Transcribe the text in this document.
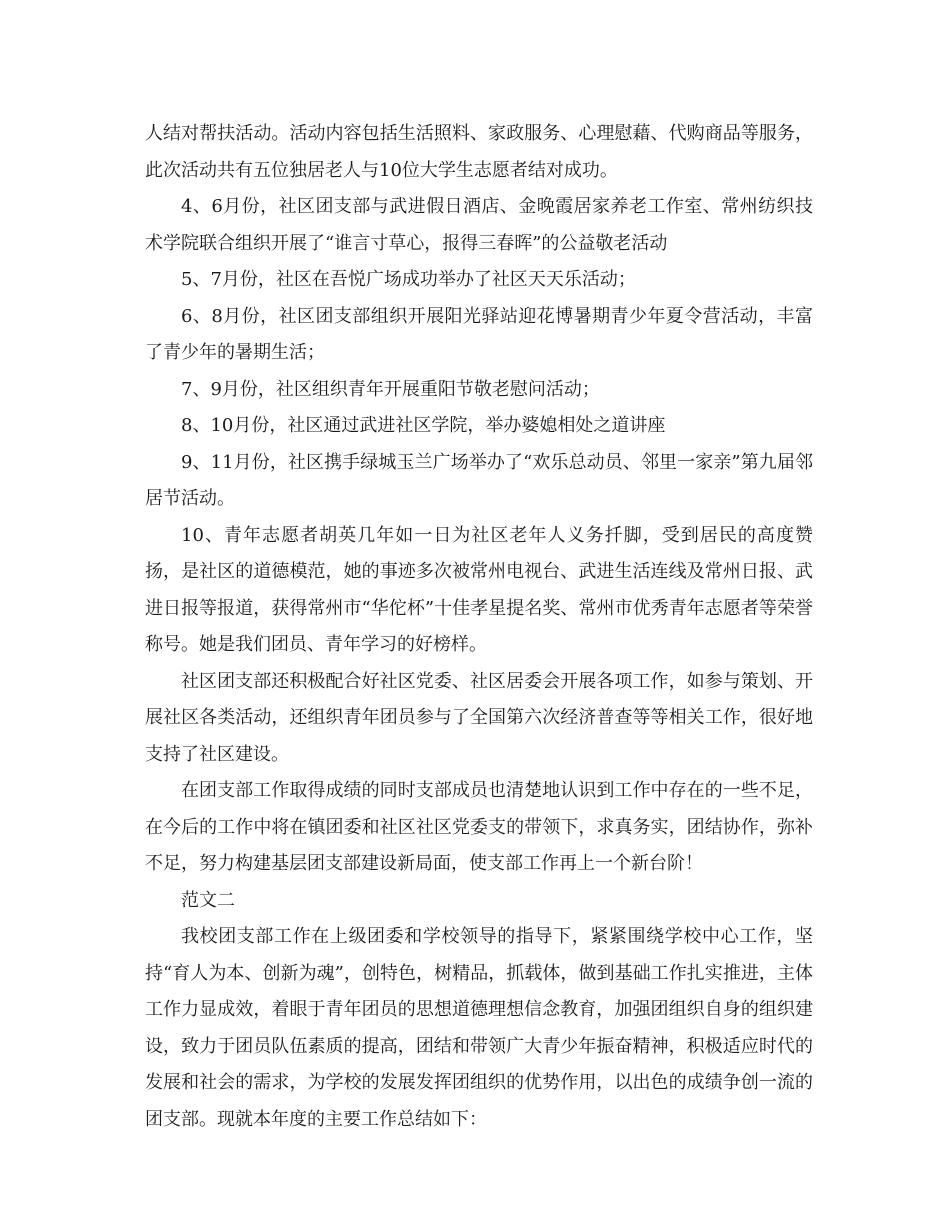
人结对帮扶活动。活动内容包括生活照料、家政服务、心理慰藉、代购商品等服务，此次活动共有五位独居老人与10位大学生志愿者结对成功。

4、6月份，社区团支部与武进假日酒店、金晚霞居家养老工作室、常州纺织技术学院联合组织开展了“谁言寸草心，报得三春晖”的公益敬老活动

5、7月份，社区在吾悦广场成功举办了社区天天乐活动；

6、8月份，社区团支部组织开展阳光驿站迎花博暑期青少年夏令营活动，丰富了青少年的暑期生活；

7、9月份，社区组织青年开展重阳节敬老慰问活动；

8、10月份，社区通过武进社区学院，举办婆媳相处之道讲座

9、11月份，社区携手绿城玉兰广场举办了“欢乐总动员、邻里一家亲”第九届邻居节活动。

10、青年志愿者胡英几年如一日为社区老年人义务扦脚，受到居民的高度赞扬，是社区的道德模范，她的事迹多次被常州电视台、武进生活连线及常州日报、武进日报等报道，获得常州市“华佗杯”十佳孝星提名奖、常州市优秀青年志愿者等荣誉称号。她是我们团员、青年学习的好榜样。

社区团支部还积极配合好社区党委、社区居委会开展各项工作，如参与策划、开展社区各类活动，还组织青年团员参与了全国第六次经济普查等等相关工作，很好地支持了社区建设。

在团支部工作取得成绩的同时支部成员也清楚地认识到工作中存在的一些不足，在今后的工作中将在镇团委和社区社区党委支的带领下，求真务实，团结协作，弥补不足，努力构建基层团支部建设新局面，使支部工作再上一个新台阶！

范文二

我校团支部工作在上级团委和学校领导的指导下，紧紧围绕学校中心工作，坚持“育人为本、创新为魂”，创特色，树精品，抓载体，做到基础工作扎实推进，主体工作力显成效，着眼于青年团员的思想道德理想信念教育，加强团组织自身的组织建设，致力于团员队伍素质的提高，团结和带领广大青少年振奋精神，积极适应时代的发展和社会的需求，为学校的发展发挥团组织的优势作用，以出色的成绩争创一流的团支部。现就本年度的主要工作总结如下：
